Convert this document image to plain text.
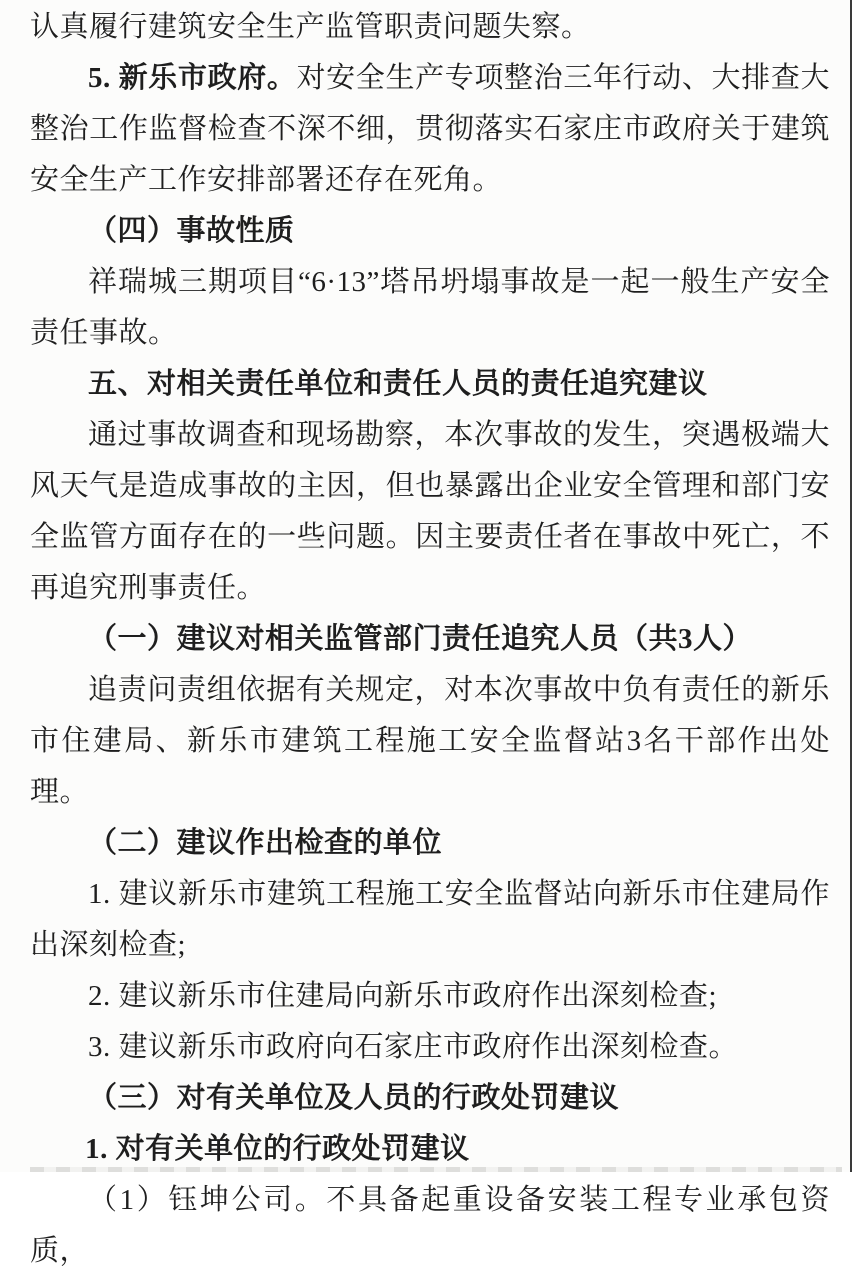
认真履行建筑安全生产监管职责问题失察。

5. 新乐市政府。对安全生产专项整治三年行动、大排查大整治工作监督检查不深不细，贯彻落实石家庄市政府关于建筑安全生产工作安排部署还存在死角。

（四）事故性质

祥瑞城三期项目“6·13”塔吊坍塌事故是一起一般生产安全责任事故。

五、对相关责任单位和责任人员的责任追究建议

通过事故调查和现场勘察，本次事故的发生，突遇极端大风天气是造成事故的主因，但也暴露出企业安全管理和部门安全监管方面存在的一些问题。因主要责任者在事故中死亡，不再追究刑事责任。

（一）建议对相关监管部门责任追究人员（共3人）

追责问责组依据有关规定，对本次事故中负有责任的新乐市住建局、新乐市建筑工程施工安全监督站3名干部作出处理。

（二）建议作出检查的单位

1. 建议新乐市建筑工程施工安全监督站向新乐市住建局作出深刻检查;

2. 建议新乐市住建局向新乐市政府作出深刻检查;

3. 建议新乐市政府向石家庄市政府作出深刻检查。

（三）对有关单位及人员的行政处罚建议

1. 对有关单位的行政处罚建议

（1）钰坤公司。不具备起重设备安装工程专业承包资质，
